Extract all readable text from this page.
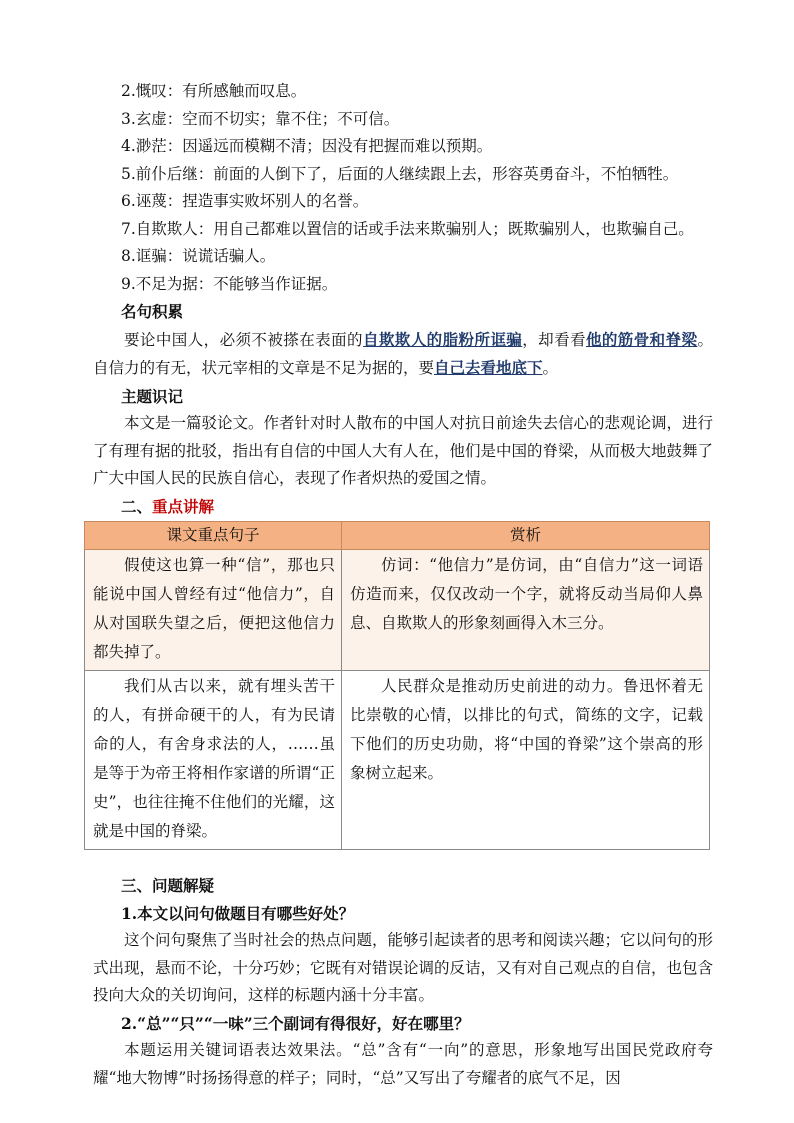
2.慨叹：有所感触而叹息。
3.玄虚：空而不切实；靠不住；不可信。
4.渺茫：因遥远而模糊不清；因没有把握而难以预期。
5.前仆后继：前面的人倒下了，后面的人继续跟上去，形容英勇奋斗，不怕牺牲。
6.诬蔑：捏造事实败坏别人的名誉。
7.自欺欺人：用自己都难以置信的话或手法来欺骗别人；既欺骗别人，也欺骗自己。
8.诓骗：说谎话骗人。
9.不足为据：不能够当作证据。
名句积累
要论中国人，必须不被搽在表面的自欺欺人的脂粉所诓骗，却看看他的筋骨和脊梁。自信力的有无，状元宰相的文章是不足为据的，要自己去看地底下。
主题识记
本文是一篇驳论文。作者针对时人散布的中国人对抗日前途失去信心的悲观论调，进行了有理有据的批驳，指出有自信的中国人大有人在，他们是中国的脊梁，从而极大地鼓舞了广大中国人民的民族自信心，表现了作者炽热的爱国之情。
二、重点讲解
课文重点句子	赏析

假使这也算一种“信”，那也只能说中国人曾经有过“他信力”，自从对国联失望之后，便把这他信力都失掉了。	仿词：“他信力”是仿词，由“自信力”这一词语仿造而来，仅仅改动一个字，就将反动当局仰人鼻息、自欺欺人的形象刻画得入木三分。

我们从古以来，就有埋头苦干的人，有拼命硬干的人，有为民请命的人，有舍身求法的人，……虽是等于为帝王将相作家谱的所谓“正史”，也往往掩不住他们的光耀，这就是中国的脊梁。	人民群众是推动历史前进的动力。鲁迅怀着无比崇敬的心情，以排比的句式，简练的文字，记载下他们的历史功勋，将“中国的脊梁”这个崇高的形象树立起来。
三、问题解疑
1.本文以问句做题目有哪些好处？
这个问句聚焦了当时社会的热点问题，能够引起读者的思考和阅读兴趣；它以问句的形式出现，悬而不论，十分巧妙；它既有对错误论调的反诘，又有对自己观点的自信，也包含投向大众的关切询问，这样的标题内涵十分丰富。
2.“总”“只”“一味”三个副词有得很好，好在哪里？
本题运用关键词语表达效果法。“总”含有“一向”的意思，形象地写出国民党政府夸耀“地大物博”时扬扬得意的样子；同时，“总”又写出了夸耀者的底气不足，因
